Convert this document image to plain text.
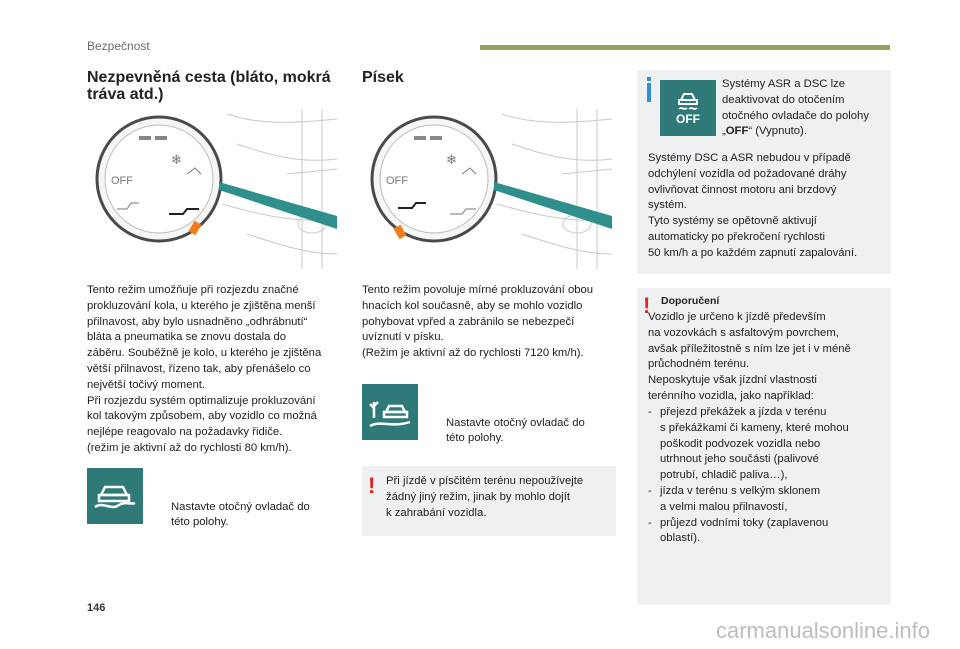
Bezpečnost
Nezpevněná cesta (bláto, mokrá
tráva atd.)
OFF
❄
Tento režim umožňuje při rozjezdu značné
prokluzování kola, u kterého je zjištěna menší
přilnavost, aby bylo usnadněno „odhrábnutí“
bláta a pneumatika se znovu dostala do
záběru. Souběžně je kolo, u kterého je zjištěna
větší přilnavost, řízeno tak, aby přenášelo co
největší točivý moment.
Při rozjezdu systém optimalizuje prokluzování
kol takovým způsobem, aby vozidlo co možná
nejlépe reagovalo na požadavky řidiče.
(režim je aktivní až do rychlosti 80 km/h).

Nastavte otočný ovladač do
této polohy.

Písek
OFF
❄
Tento režim povoluje mírné prokluzování obou
hnacích kol současně, aby se mohlo vozidlo
pohybovat vpřed a zabránilo se nebezpečí
uvíznutí v písku.
(Režim je aktivní až do rychlosti 7120 km/h).

Nastavte otočný ovladač do
této polohy.

! Při jízdě v písčitém terénu nepoužívejte
žádný jiný režim, jinak by mohlo dojít
k zahrabání vozidla.
OFF
Systémy ASR a DSC lze
deaktivovat do otočením
otočného ovladače do polohy
„OFF“ (Vypnuto).
Systémy DSC a ASR nebudou v případě
odchýlení vozidla od požadované dráhy
ovlivňovat činnost motoru ani brzdový
systém.
Tyto systémy se opětovně aktivují
automaticky po překročení rychlosti
50 km/h a po každém zapnutí zapalování.
! Doporučení
Vozidlo je určeno k jízdě především
na vozovkách s asfaltovým povrchem,
avšak příležitostně s ním lze jet i v méně
průchodném terénu.
Neposkytuje však jízdní vlastnosti
terénního vozidla, jako například:
- přejezd překážek a jízda v terénu
s překážkami či kameny, které mohou
poškodit podvozek vozidla nebo
utrhnout jeho součásti (palivové
potrubí, chladič paliva…),
- jízda v terénu s velkým sklonem
a velmi malou přilnavostí,
- průjezd vodními toky (zaplavenou
oblastí).
146
carmanualsonline.info
